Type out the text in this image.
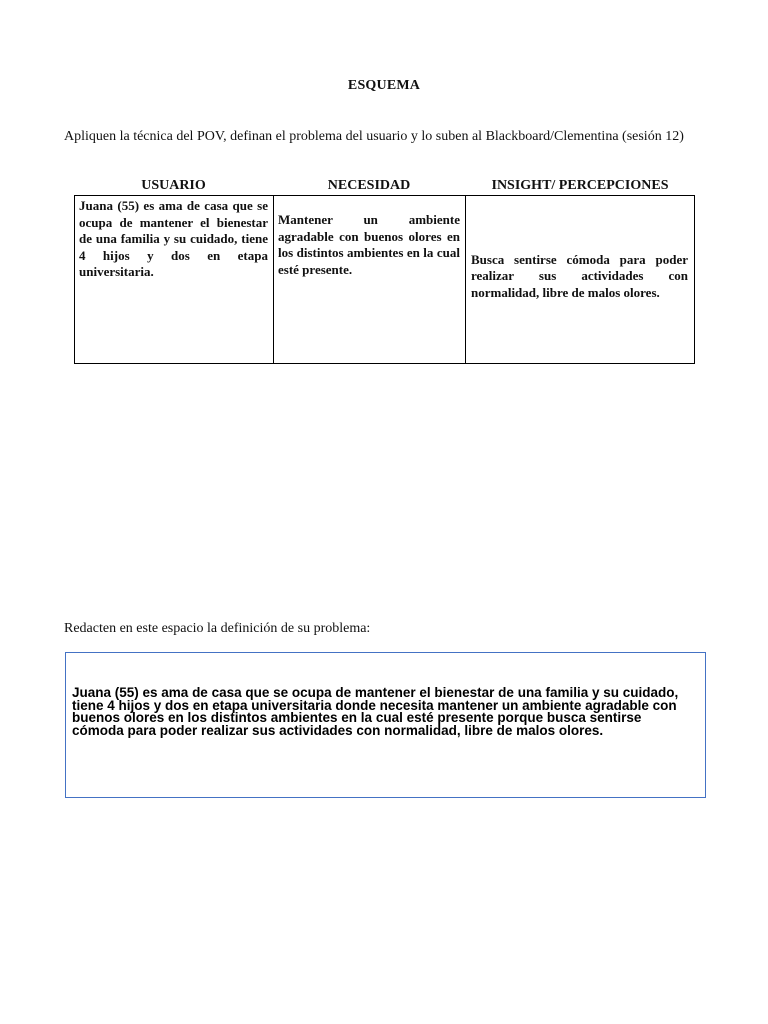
ESQUEMA
Apliquen la técnica del POV, definan el problema del usuario y lo suben al Blackboard/Clementina (sesión 12)
USUARIO	NECESIDAD	INSIGHT/ PERCEPCIONES
Juana (55) es ama de casa que se ocupa de mantener el bienestar de una familia y su cuidado, tiene 4 hijos y dos en etapa universitaria.
Mantener un ambiente agradable con buenos olores en los distintos ambientes en la cual esté presente.
Busca sentirse cómoda para poder realizar sus actividades con normalidad, libre de malos olores.
Redacten en este espacio la definición de su problema:
Juana (55) es ama de casa que se ocupa de mantener el bienestar de una familia y su cuidado, tiene 4 hijos y dos en etapa universitaria donde necesita mantener un ambiente agradable con buenos olores en los distintos ambientes en la cual esté presente porque busca sentirse cómoda para poder realizar sus actividades con normalidad, libre de malos olores.
